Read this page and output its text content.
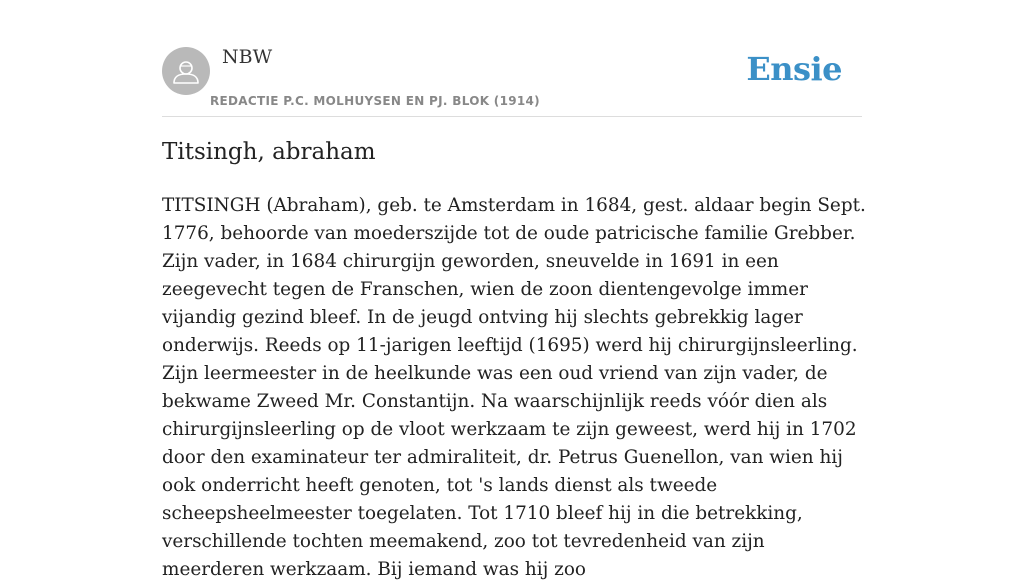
NBW
REDACTIE P.C. MOLHUYSEN EN PJ. BLOK (1914)
Ensie
Titsingh, abraham

TITSINGH (Abraham), geb. te Amsterdam in 1684, gest. aldaar begin Sept. 1776, behoorde van moederszijde tot de oude patricische familie Grebber. Zijn vader, in 1684 chirurgijn geworden, sneuvelde in 1691 in een zeegevecht tegen de Franschen, wien de zoon dientengevolge immer vijandig gezind bleef. In de jeugd ontving hij slechts gebrekkig lager onderwijs. Reeds op 11-jarigen leeftijd (1695) werd hij chirurgijnsleerling. Zijn leermeester in de heelkunde was een oud vriend van zijn vader, de bekwame Zweed Mr. Constantijn. Na waarschijnlijk reeds vóór dien als chirurgijnsleerling op de vloot werkzaam te zijn geweest, werd hij in 1702 door den examinateur ter admiraliteit, dr. Petrus Guenellon, van wien hij ook onderricht heeft genoten, tot 's lands dienst als tweede scheepsheelmeester toegelaten. Tot 1710 bleef hij in die betrekking, verschillende tochten meemakend, zoo tot tevredenheid van zijn meerderen werkzaam. Bij iemand was hij zoo
